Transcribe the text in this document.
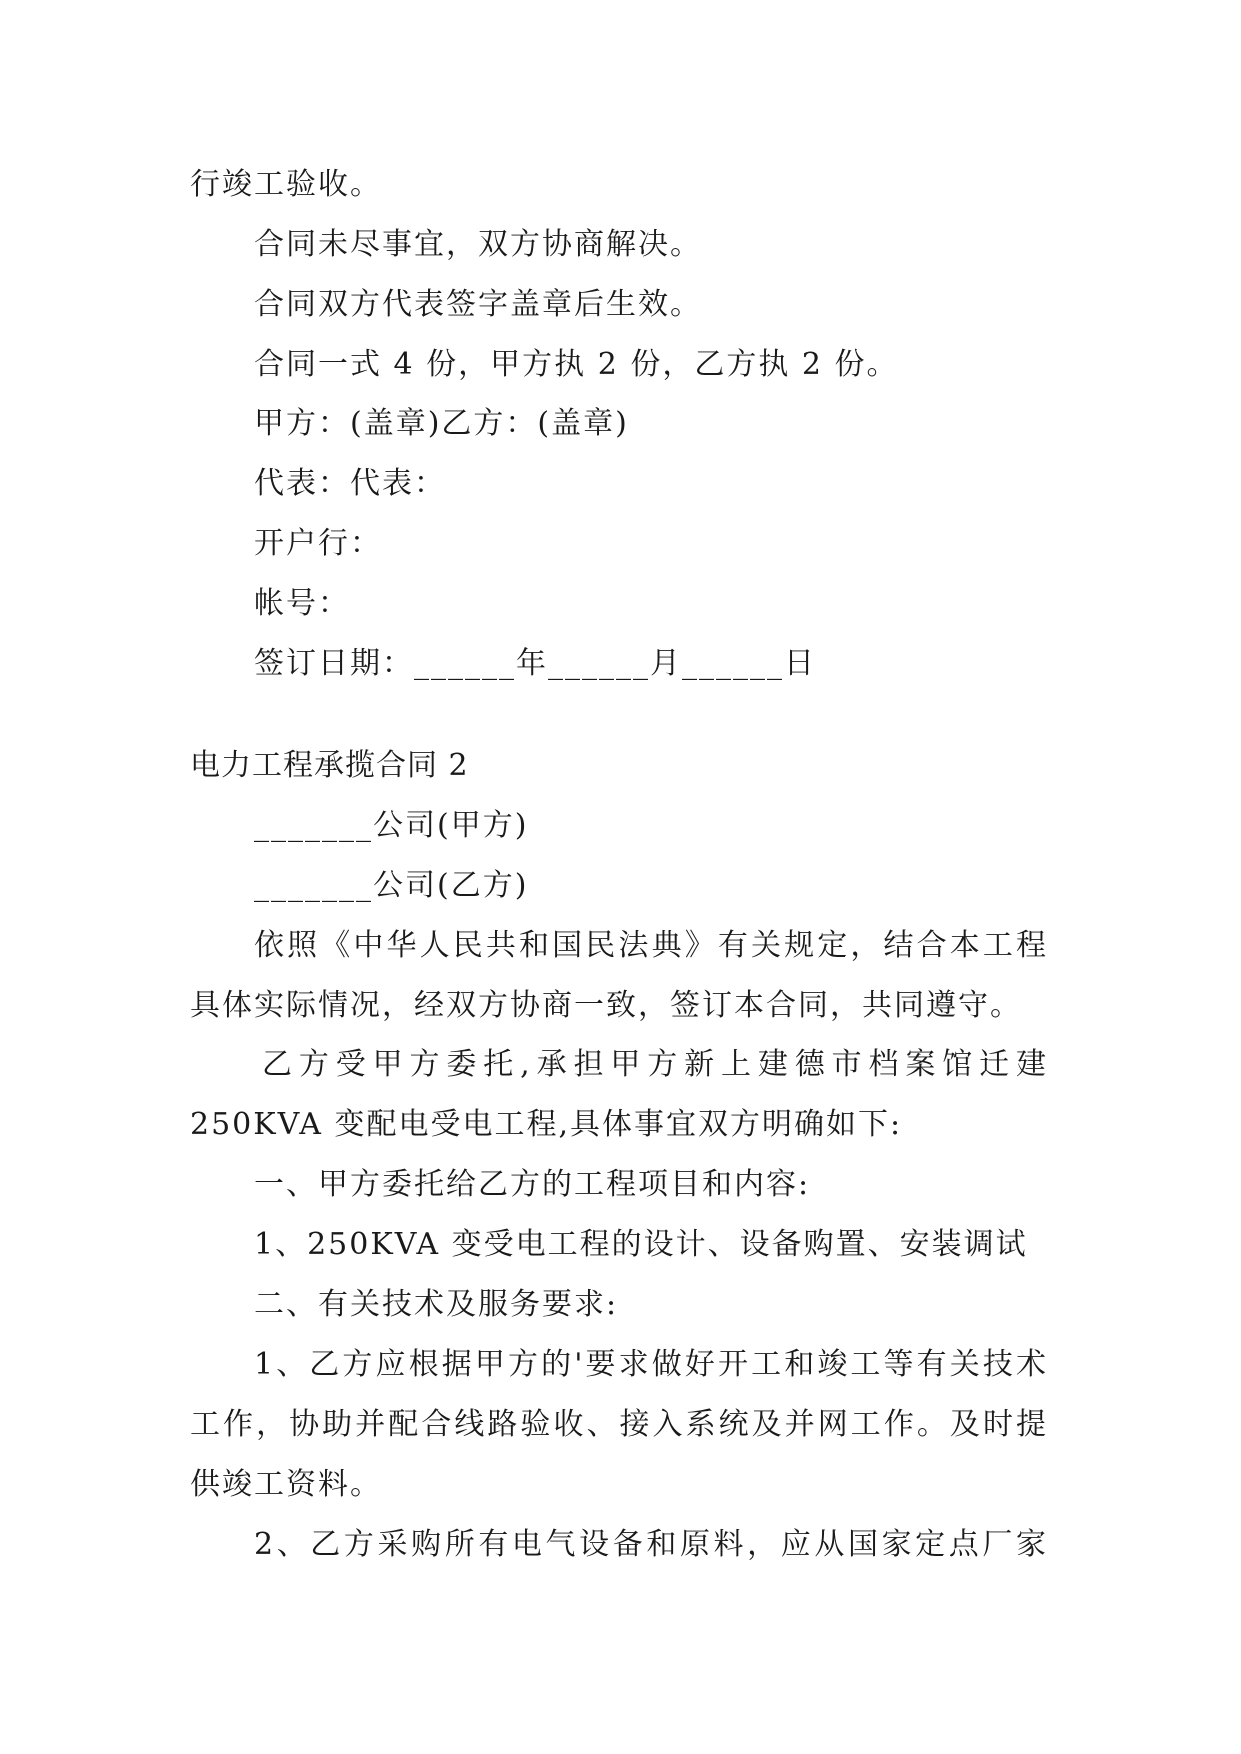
行竣工验收。
合同未尽事宜，双方协商解决。
合同双方代表签字盖章后生效。
合同一式 4 份，甲方执 2 份，乙方执 2 份。
甲方：(盖章)乙方：(盖章)
代表：代表：
开户行：
帐号：
签订日期：______年______月______日
电力工程承揽合同 2
_______公司(甲方)
_______公司(乙方)
依照《中华人民共和国民法典》有关规定，结合本工程
具体实际情况，经双方协商一致，签订本合同，共同遵守。
乙方受甲方委托,承担甲方新上建德市档案馆迁建
250KVA 变配电受电工程,具体事宜双方明确如下:
一、甲方委托给乙方的工程项目和内容:
1、250KVA 变受电工程的设计、设备购置、安装调试
二、有关技术及服务要求:
1、乙方应根据甲方的'要求做好开工和竣工等有关技术
工作，协助并配合线路验收、接入系统及并网工作。及时提
供竣工资料。
2、乙方采购所有电气设备和原料，应从国家定点厂家
